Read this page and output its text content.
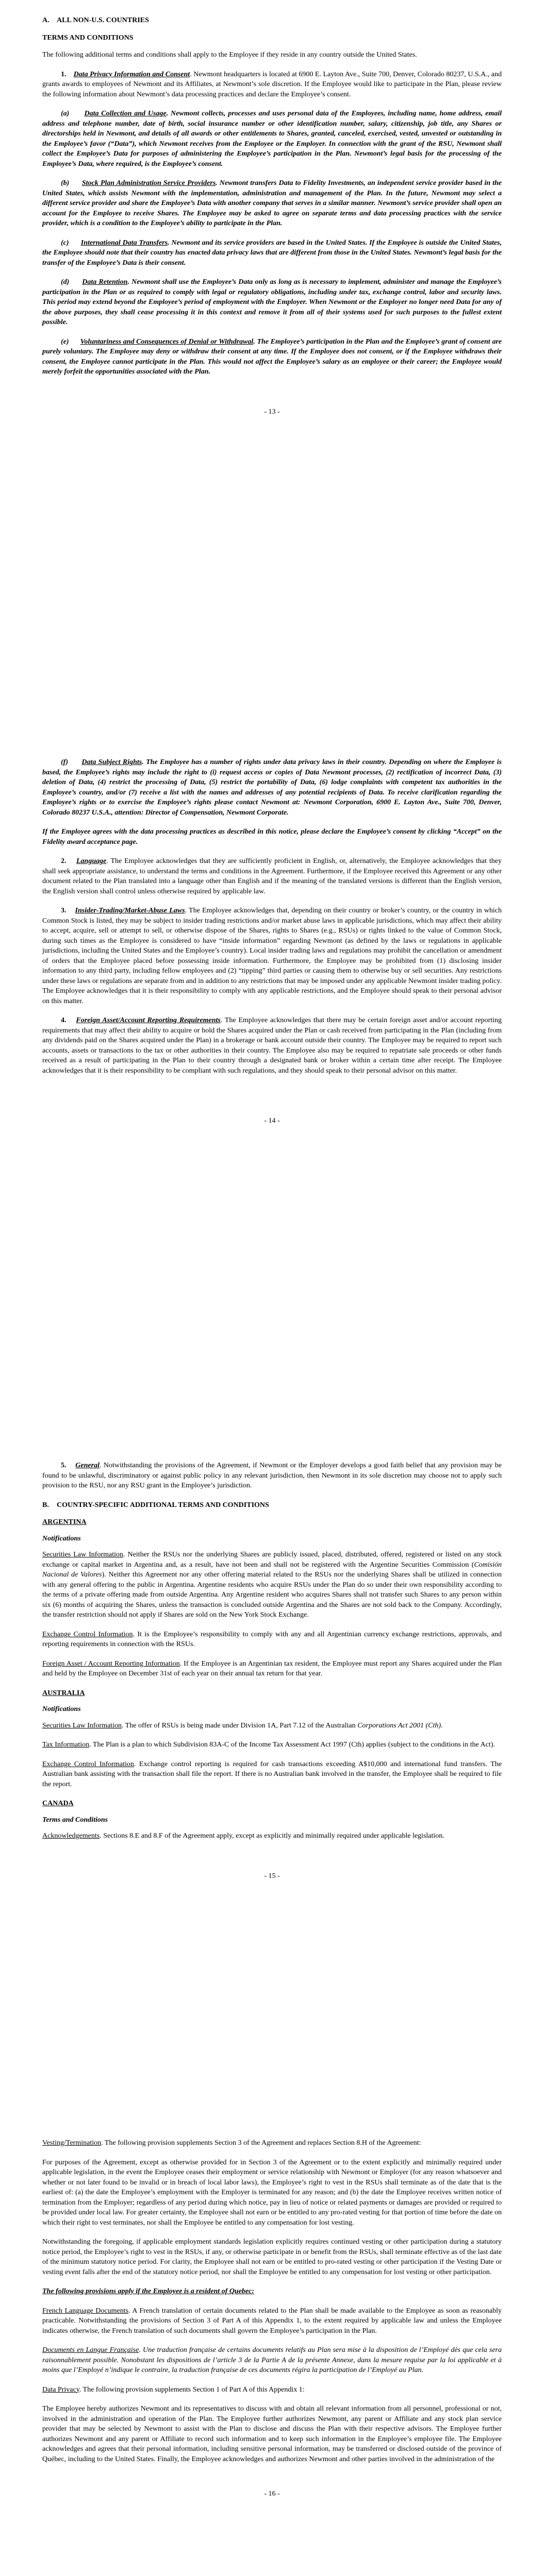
A. ALL NON-U.S. COUNTRIES
TERMS AND CONDITIONS
The following additional terms and conditions shall apply to the Employee if they reside in any country outside the United States.
1. Data Privacy Information and Consent. Newmont headquarters is located at 6900 E. Layton Ave., Suite 700, Denver, Colorado 80237, U.S.A., and grants awards to employees of Newmont and its Affiliates, at Newmont’s sole discretion. If the Employee would like to participate in the Plan, please review the following information about Newmont’s data processing practices and declare the Employee’s consent.
(a) Data Collection and Usage. Newmont collects, processes and uses personal data of the Employees, including name, home address, email address and telephone number, date of birth, social insurance number or other identification number, salary, citizenship, job title, any Shares or directorships held in Newmont, and details of all awards or other entitlements to Shares, granted, canceled, exercised, vested, unvested or outstanding in the Employee’s favor (“Data”), which Newmont receives from the Employee or the Employer. In connection with the grant of the RSU, Newmont shall collect the Employee’s Data for purposes of administering the Employee’s participation in the Plan. Newmont’s legal basis for the processing of the Employee’s Data, where required, is the Employee’s consent.
(b) Stock Plan Administration Service Providers. Newmont transfers Data to Fidelity Investments, an independent service provider based in the United States, which assists Newmont with the implementation, administration and management of the Plan. In the future, Newmont may select a different service provider and share the Employee’s Data with another company that serves in a similar manner. Newmont’s service provider shall open an account for the Employee to receive Shares. The Employee may be asked to agree on separate terms and data processing practices with the service provider, which is a condition to the Employee’s ability to participate in the Plan.
(c) International Data Transfers. Newmont and its service providers are based in the United States. If the Employee is outside the United States, the Employee should note that their country has enacted data privacy laws that are different from those in the United States. Newmont’s legal basis for the transfer of the Employee’s Data is their consent.
(d) Data Retention. Newmont shall use the Employee’s Data only as long as is necessary to implement, administer and manage the Employee’s participation in the Plan or as required to comply with legal or regulatory obligations, including under tax, exchange control, labor and security laws. This period may extend beyond the Employee’s period of employment with the Employer. When Newmont or the Employer no longer need Data for any of the above purposes, they shall cease processing it in this context and remove it from all of their systems used for such purposes to the fullest extent possible.
(e) Voluntariness and Consequences of Denial or Withdrawal. The Employee’s participation in the Plan and the Employee’s grant of consent are purely voluntary. The Employee may deny or withdraw their consent at any time. If the Employee does not consent, or if the Employee withdraws their consent, the Employee cannot participate in the Plan. This would not affect the Employee’s salary as an employee or their career; the Employee would merely forfeit the opportunities associated with the Plan.
- 13 -
(f) Data Subject Rights. The Employee has a number of rights under data privacy laws in their country. Depending on where the Employee is based, the Employee’s rights may include the right to (i) request access or copies of Data Newmont processes, (2) rectification of incorrect Data, (3) deletion of Data, (4) restrict the processing of Data, (5) restrict the portability of Data, (6) lodge complaints with competent tax authorities in the Employee’s country, and/or (7) receive a list with the names and addresses of any potential recipients of Data. To receive clarification regarding the Employee’s rights or to exercise the Employee’s rights please contact Newmont at: Newmont Corporation, 6900 E. Layton Ave., Suite 700, Denver, Colorado 80237 U.S.A., attention: Director of Compensation, Newmont Corporate.
If the Employee agrees with the data processing practices as described in this notice, please declare the Employee’s consent by clicking “Accept” on the Fidelity award acceptance page.
2. Language. The Employee acknowledges that they are sufficiently proficient in English, or, alternatively, the Employee acknowledges that they shall seek appropriate assistance, to understand the terms and conditions in the Agreement. Furthermore, if the Employee received this Agreement or any other document related to the Plan translated into a language other than English and if the meaning of the translated versions is different than the English version, the English version shall control unless otherwise required by applicable law.
3. Insider-Trading/Market-Abuse Laws. The Employee acknowledges that, depending on their country or broker’s country, or the country in which Common Stock is listed, they may be subject to insider trading restrictions and/or market abuse laws in applicable jurisdictions, which may affect their ability to accept, acquire, sell or attempt to sell, or otherwise dispose of the Shares, rights to Shares (e.g., RSUs) or rights linked to the value of Common Stock, during such times as the Employee is considered to have “inside information” regarding Newmont (as defined by the laws or regulations in applicable jurisdictions, including the United States and the Employee’s country). Local insider trading laws and regulations may prohibit the cancellation or amendment of orders that the Employee placed before possessing inside information. Furthermore, the Employee may be prohibited from (1) disclosing insider information to any third party, including fellow employees and (2) “tipping” third parties or causing them to otherwise buy or sell securities. Any restrictions under these laws or regulations are separate from and in addition to any restrictions that may be imposed under any applicable Newmont insider trading policy. The Employee acknowledges that it is their responsibility to comply with any applicable restrictions, and the Employee should speak to their personal advisor on this matter.
4. Foreign Asset/Account Reporting Requirements. The Employee acknowledges that there may be certain foreign asset and/or account reporting requirements that may affect their ability to acquire or hold the Shares acquired under the Plan or cash received from participating in the Plan (including from any dividends paid on the Shares acquired under the Plan) in a brokerage or bank account outside their country. The Employee may be required to report such accounts, assets or transactions to the tax or other authorities in their country. The Employee also may be required to repatriate sale proceeds or other funds received as a result of participating in the Plan to their country through a designated bank or broker within a certain time after receipt. The Employee acknowledges that it is their responsibility to be compliant with such regulations, and they should speak to their personal advisor on this matter.
- 14 -
5. General. Notwithstanding the provisions of the Agreement, if Newmont or the Employer develops a good faith belief that any provision may be found to be unlawful, discriminatory or against public policy in any relevant jurisdiction, then Newmont in its sole discretion may choose not to apply such provision to the RSU, nor any RSU grant in the Employee’s jurisdiction.
B. COUNTRY-SPECIFIC ADDITIONAL TERMS AND CONDITIONS
ARGENTINA
Notifications
Securities Law Information. Neither the RSUs nor the underlying Shares are publicly issued, placed, distributed, offered, registered or listed on any stock exchange or capital market in Argentina and, as a result, have not been and shall not be registered with the Argentine Securities Commission (Comisión Nacional de Valores). Neither this Agreement nor any other offering material related to the RSUs nor the underlying Shares shall be utilized in connection with any general offering to the public in Argentina. Argentine residents who acquire RSUs under the Plan do so under their own responsibility according to the terms of a private offering made from outside Argentina. Any Argentine resident who acquires Shares shall not transfer such Shares to any person within six (6) months of acquiring the Shares, unless the transaction is concluded outside Argentina and the Shares are not sold back to the Company. Accordingly, the transfer restriction should not apply if Shares are sold on the New York Stock Exchange.
Exchange Control Information. It is the Employee’s responsibility to comply with any and all Argentinian currency exchange restrictions, approvals, and reporting requirements in connection with the RSUs.
Foreign Asset / Account Reporting Information. If the Employee is an Argentinian tax resident, the Employee must report any Shares acquired under the Plan and held by the Employee on December 31st of each year on their annual tax return for that year.
AUSTRALIA
Notifications
Securities Law Information. The offer of RSUs is being made under Division 1A, Part 7.12 of the Australian Corporations Act 2001 (Cth).
Tax Information. The Plan is a plan to which Subdivision 83A-C of the Income Tax Assessment Act 1997 (Cth) applies (subject to the conditions in the Act).
Exchange Control Information. Exchange control reporting is required for cash transactions exceeding A$10,000 and international fund transfers. The Australian bank assisting with the transaction shall file the report. If there is no Australian bank involved in the transfer, the Employee shall be required to file the report.
CANADA
Terms and Conditions
Acknowledgements. Sections 8.E and 8.F of the Agreement apply, except as explicitly and minimally required under applicable legislation.
- 15 -
Vesting/Termination. The following provision supplements Section 3 of the Agreement and replaces Section 8.H of the Agreement:
For purposes of the Agreement, except as otherwise provided for in Section 3 of the Agreement or to the extent explicitly and minimally required under applicable legislation, in the event the Employee ceases their employment or service relationship with Newmont or Employer (for any reason whatsoever and whether or not later found to be invalid or in breach of local labor laws), the Employee’s right to vest in the RSUs shall terminate as of the date that is the earliest of: (a) the date the Employee’s employment with the Employer is terminated for any reason; and (b) the date the Employee receives written notice of termination from the Employer; regardless of any period during which notice, pay in lieu of notice or related payments or damages are provided or required to be provided under local law. For greater certainty, the Employee shall not earn or be entitled to any pro-rated vesting for that portion of time before the date on which their right to vest terminates, nor shall the Employee be entitled to any compensation for lost vesting.
Notwithstanding the foregoing, if applicable employment standards legislation explicitly requires continued vesting or other participation during a statutory notice period, the Employee’s right to vest in the RSUs, if any, or otherwise participate in or benefit from the RSUs, shall terminate effective as of the last date of the minimum statutory notice period. For clarity, the Employee shall not earn or be entitled to pro-rated vesting or other participation if the Vesting Date or vesting event falls after the end of the statutory notice period, nor shall the Employee be entitled to any compensation for lost vesting or other participation.
The following provisions apply if the Employee is a resident of Quebec:
French Language Documents. A French translation of certain documents related to the Plan shall be made available to the Employee as soon as reasonably practicable. Notwithstanding the provisions of Section 3 of Part A of this Appendix 1, to the extent required by applicable law and unless the Employee indicates otherwise, the French translation of such documents shall govern the Employee’s participation in the Plan.
Documents en Langue Française. Une traduction française de certains documents relatifs au Plan sera mise à la disposition de l’Employé dès que cela sera raisonnablement possible. Nonobstant les dispositions de l’article 3 de la Partie A de la présente Annexe, dans la mesure requise par la loi applicable et à moins que l’Employé n’indique le contraire, la traduction française de ces documents régira la participation de l’Employé au Plan.
Data Privacy. The following provision supplements Section 1 of Part A of this Appendix 1:
The Employee hereby authorizes Newmont and its representatives to discuss with and obtain all relevant information from all personnel, professional or not, involved in the administration and operation of the Plan. The Employee further authorizes Newmont, any parent or Affiliate and any stock plan service provider that may be selected by Newmont to assist with the Plan to disclose and discuss the Plan with their respective advisors. The Employee further authorizes Newmont and any parent or Affiliate to record such information and to keep such information in the Employee’s employee file. The Employee acknowledges and agrees that their personal information, including sensitive personal information, may be transferred or disclosed outside of the province of Québec, including to the United States. Finally, the Employee acknowledges and authorizes Newmont and other parties involved in the administration of the
- 16 -
